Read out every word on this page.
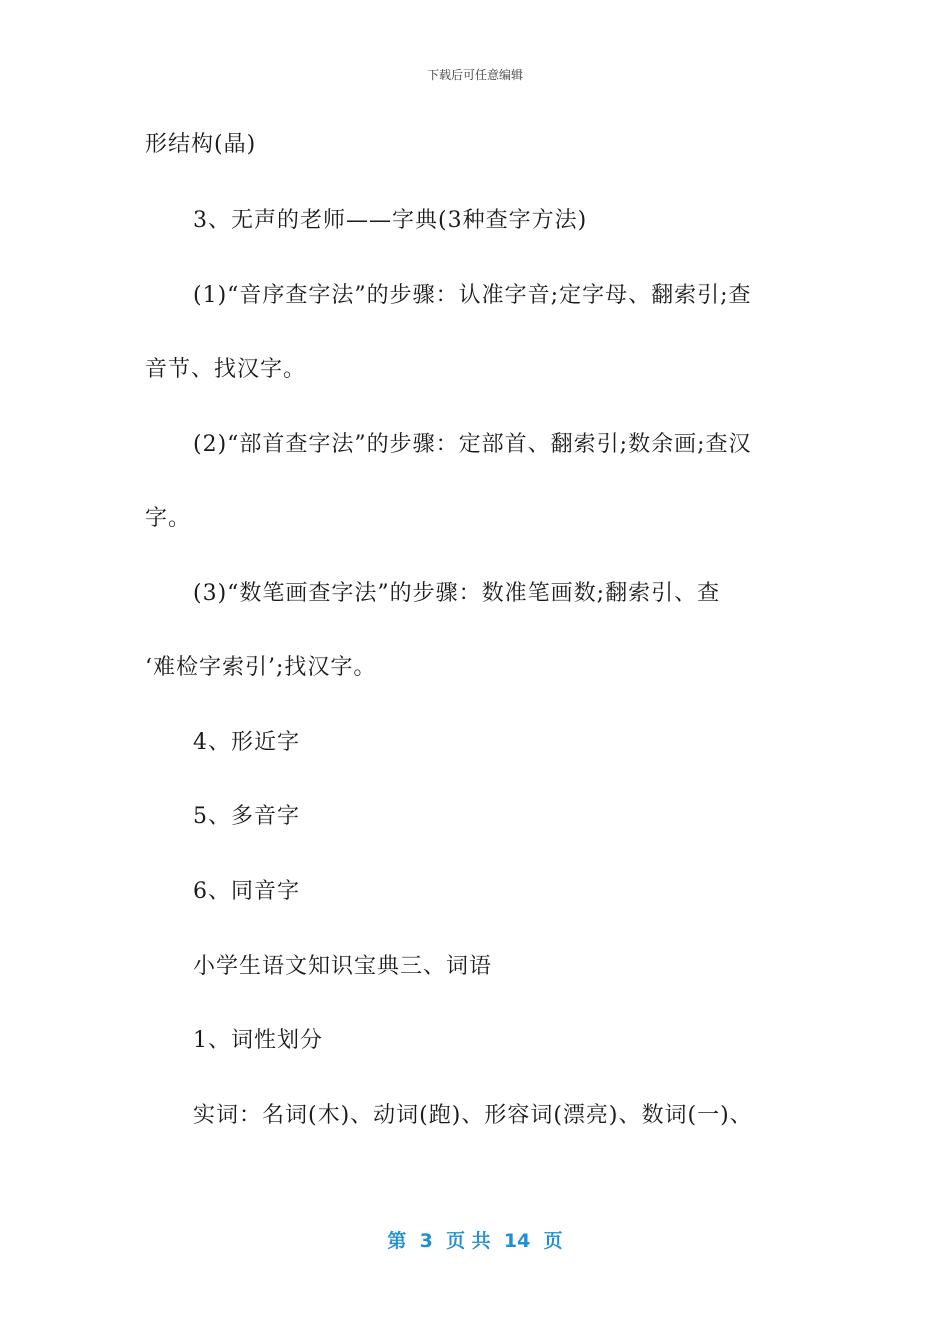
下载后可任意编辑
形结构(晶)
3、无声的老师——字典(3种查字方法)
(1)“音序查字法”的步骤：认准字音;定字母、翻索引;查
音节、找汉字。
(2)“部首查字法”的步骤：定部首、翻索引;数余画;查汉
字。
(3)“数笔画查字法”的步骤：数准笔画数;翻索引、查
‘难检字索引’;找汉字。
4、形近字
5、多音字
6、同音字
小学生语文知识宝典三、词语
1、词性划分
实词：名词(木)、动词(跑)、形容词(漂亮)、数词(一)、
第  3  页 共  14  页
